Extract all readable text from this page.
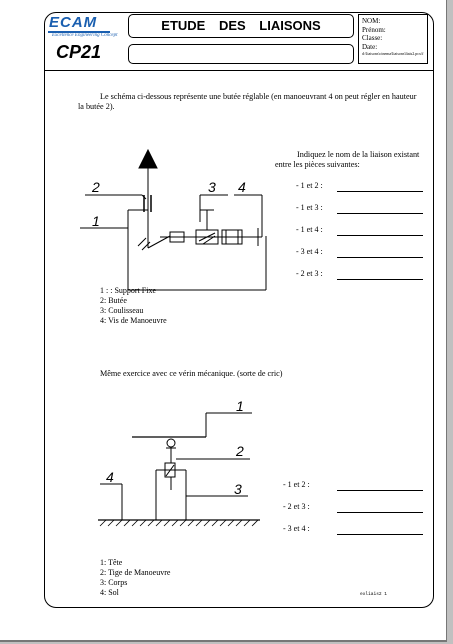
ECAM
Excellence Engineering Concept
CP21
ETUDE DES LIAISONS	NOM:
Prénom:
Classe:
Date:
d:\liaisons\cinema\liaisons\liais2.pcx\f
Le schéma ci-dessous représente une butée réglable (en manoeuvrant 4 on peut régler en hauteur la butée 2).
Indiquez le nom de la liaison existant entre les pièces suivantes:
- 1 et 2 :
- 1 et 3 :
- 1 et 4 :
- 3 et 4 :
- 2 et 3 :
2
1
3 4
1
2
3
4
1 : : Support Fixe
2: Butée
3: Coulisseau
4: Vis de Manoeuvre
Même exercice avec ce vérin mécanique. (sorte de cric)
- 1 et 2 :
- 2 et 3 :
- 3 et 4 :
1: Tête
2: Tige de Manoeuvre
3: Corps
4: Sol	exliais2 1
